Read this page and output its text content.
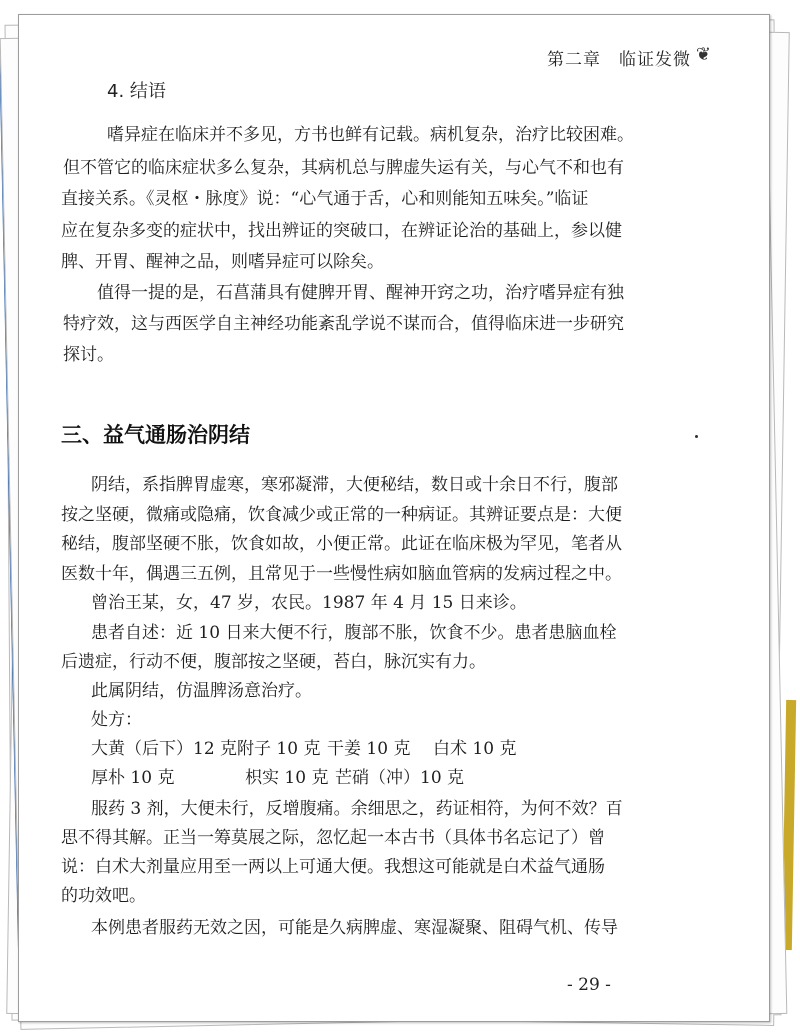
第二章　临证发微 ❦
4. 结语
嗜异症在临床并不多见，方书也鲜有记载。病机复杂，治疗比较困难。
但不管它的临床症状多么复杂，其病机总与脾虚失运有关，与心气不和也有
直接关系。《灵枢・脉度》说：“心气通于舌，心和则能知五味矣。”临证
应在复杂多变的症状中，找出辨证的突破口，在辨证论治的基础上，参以健
脾、开胃、醒神之品，则嗜异症可以除矣。
值得一提的是，石菖蒲具有健脾开胃、醒神开窍之功，治疗嗜异症有独
特疗效，这与西医学自主神经功能紊乱学说不谋而合，值得临床进一步研究
探讨。
三、益气通肠治阴结
阴结，系指脾胃虚寒，寒邪凝滞，大便秘结，数日或十余日不行，腹部
按之坚硬，微痛或隐痛，饮食减少或正常的一种病证。其辨证要点是：大便
秘结，腹部坚硬不胀，饮食如故，小便正常。此证在临床极为罕见，笔者从
医数十年，偶遇三五例，且常见于一些慢性病如脑血管病的发病过程之中。
曾治王某，女，47 岁，农民。1987 年 4 月 15 日来诊。
患者自述：近 10 日来大便不行，腹部不胀，饮食不少。患者患脑血栓
后遗症，行动不便，腹部按之坚硬，苔白，脉沉实有力。
此属阴结，仿温脾汤意治疗。
处方：
大黄（后下）12 克 附子 10 克 干姜 10 克 白术 10 克
厚朴 10 克	枳实 10 克 芒硝（冲）10 克
服药 3 剂，大便未行，反增腹痛。余细思之，药证相符，为何不效？百
思不得其解。正当一筹莫展之际，忽忆起一本古书（具体书名忘记了）曾
说：白术大剂量应用至一两以上可通大便。我想这可能就是白术益气通肠
的功效吧。
本例患者服药无效之因，可能是久病脾虚、寒湿凝聚、阻碍气机、传导
- 29 -
